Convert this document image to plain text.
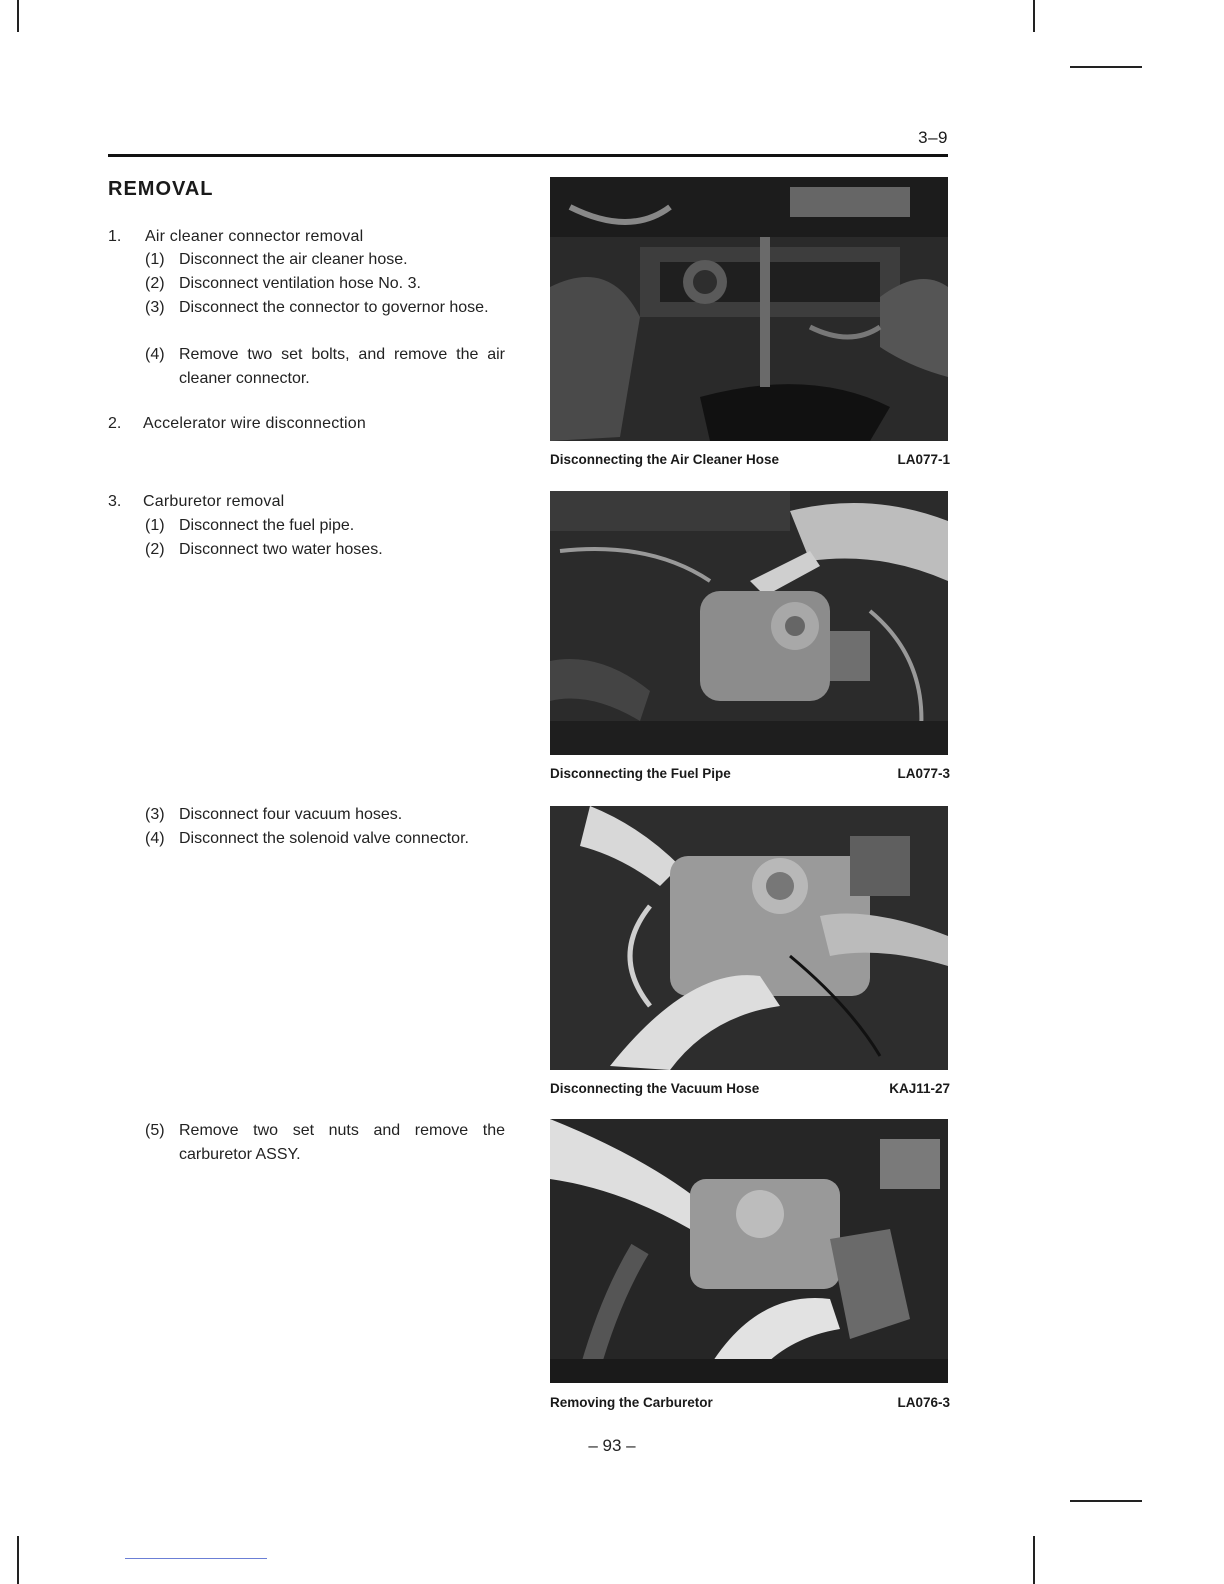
3–9
REMOVAL
1. Air cleaner connector removal
(1) Disconnect the air cleaner hose.
(2) Disconnect ventilation hose No. 3.
(3) Disconnect the connector to governor hose.
(4) Remove two set bolts, and remove the air cleaner connector.
2. Accelerator wire disconnection
3. Carburetor removal
(1) Disconnect the fuel pipe.
(2) Disconnect two water hoses.
(3) Disconnect four vacuum hoses.
(4) Disconnect the solenoid valve connector.
(5) Remove two set nuts and remove the carburetor ASSY.
Disconnecting the Air Cleaner Hose	LA077-1
Disconnecting the Fuel Pipe	LA077-3
Disconnecting the Vacuum Hose	KAJ11-27
Removing the Carburetor	LA076-3
– 93 –
